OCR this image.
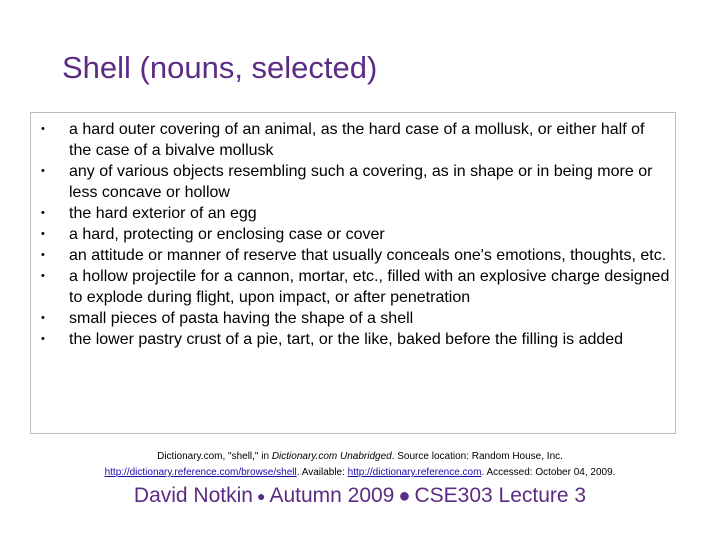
Shell (nouns, selected)
• a hard outer covering of an animal, as the hard case of a mollusk, or either half of the case of a bivalve mollusk
• any of various objects resembling such a covering, as in shape or in being more or less concave or hollow
• the hard exterior of an egg
• a hard, protecting or enclosing case or cover
• an attitude or manner of reserve that usually conceals one's emotions, thoughts, etc.
• a hollow projectile for a cannon, mortar, etc., filled with an explosive charge designed to explode during flight, upon impact, or after penetration
• small pieces of pasta having the shape of a shell
• the lower pastry crust of a pie, tart, or the like, baked before the filling is added
Dictionary.com, "shell," in Dictionary.com Unabridged. Source location: Random House, Inc.
http://dictionary.reference.com/browse/shell. Available: http://dictionary.reference.com. Accessed: October 04, 2009.
David Notkin ● Autumn 2009 ● CSE303 Lecture 3
